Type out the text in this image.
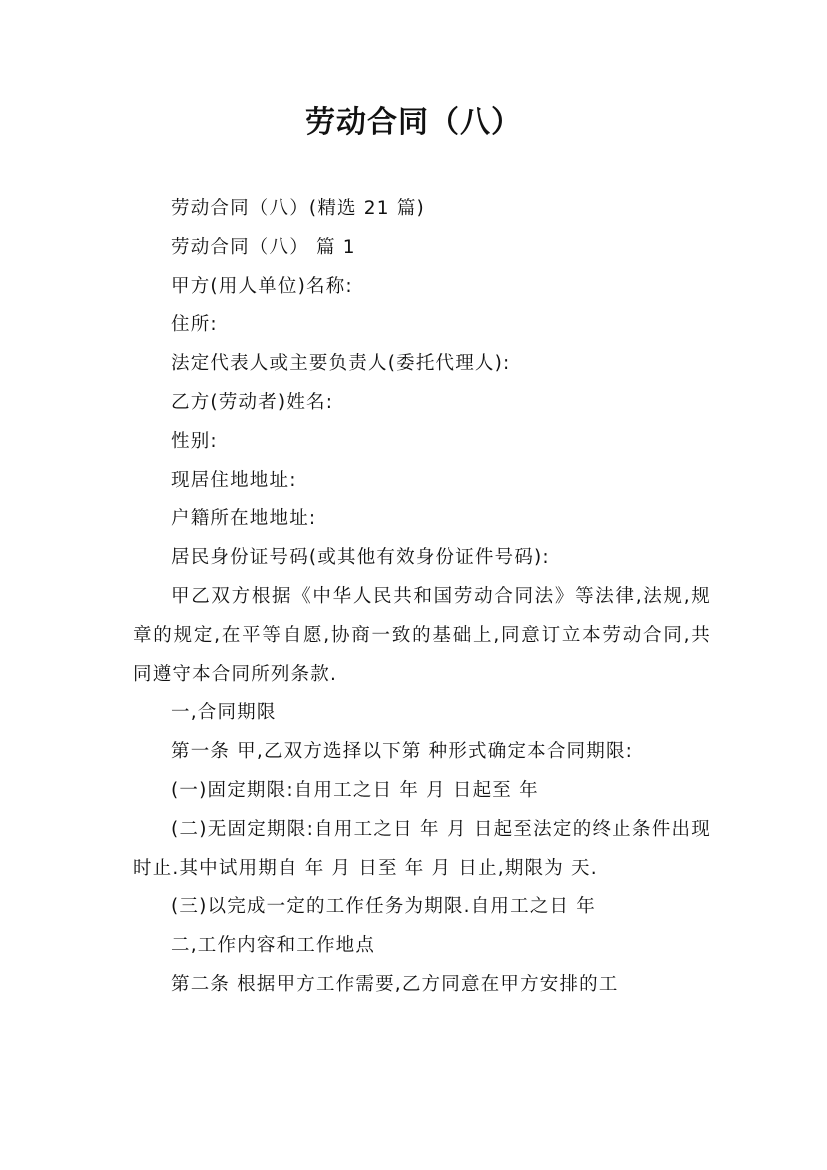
劳动合同（八）

劳动合同（八）(精选 21 篇)

劳动合同（八） 篇 1

甲方(用人单位)名称:

住所:

法定代表人或主要负责人(委托代理人):

乙方(劳动者)姓名:

性别:

现居住地地址:

户籍所在地地址:

居民身份证号码(或其他有效身份证件号码):

甲乙双方根据《中华人民共和国劳动合同法》等法律,法规,规章的规定,在平等自愿,协商一致的基础上,同意订立本劳动合同,共同遵守本合同所列条款.

一,合同期限

第一条 甲,乙双方选择以下第 种形式确定本合同期限:

(一)固定期限:自用工之日 年 月 日起至 年

(二)无固定期限:自用工之日 年 月 日起至法定的终止条件出现时止.其中试用期自 年 月 日至 年 月 日止,期限为 天.

(三)以完成一定的工作任务为期限.自用工之日 年

二,工作内容和工作地点

第二条 根据甲方工作需要,乙方同意在甲方安排的工
